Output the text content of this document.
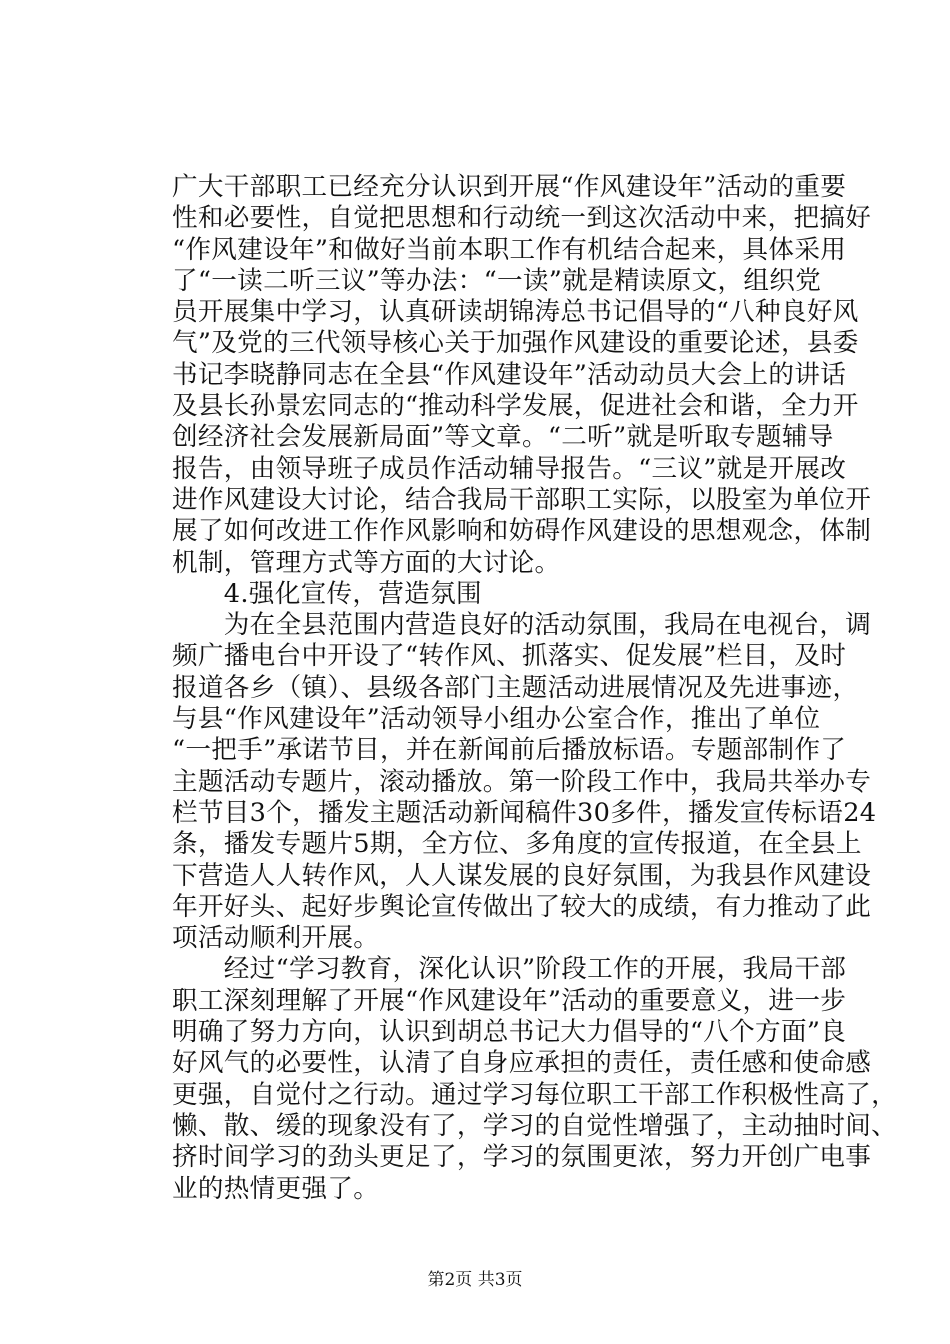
广大干部职工已经充分认识到开展“作风建设年”活动的重要
性和必要性，自觉把思想和行动统一到这次活动中来，把搞好
“作风建设年”和做好当前本职工作有机结合起来，具体采用
了“一读二听三议”等办法：“一读”就是精读原文，组织党
员开展集中学习，认真研读胡锦涛总书记倡导的“八种良好风
气”及党的三代领导核心关于加强作风建设的重要论述，县委
书记李晓静同志在全县“作风建设年”活动动员大会上的讲话
及县长孙景宏同志的“推动科学发展，促进社会和谐，全力开
创经济社会发展新局面”等文章。“二听”就是听取专题辅导
报告，由领导班子成员作活动辅导报告。“三议”就是开展改
进作风建设大讨论，结合我局干部职工实际，以股室为单位开
展了如何改进工作作风影响和妨碍作风建设的思想观念，体制
机制，管理方式等方面的大讨论。
　　4.强化宣传，营造氛围
　　为在全县范围内营造良好的活动氛围，我局在电视台，调
频广播电台中开设了“转作风、抓落实、促发展”栏目，及时
报道各乡（镇）、县级各部门主题活动进展情况及先进事迹，
与县“作风建设年”活动领导小组办公室合作，推出了单位
“一把手”承诺节目，并在新闻前后播放标语。专题部制作了
主题活动专题片，滚动播放。第一阶段工作中，我局共举办专
栏节目3个，播发主题活动新闻稿件30多件，播发宣传标语24
条，播发专题片5期，全方位、多角度的宣传报道，在全县上
下营造人人转作风，人人谋发展的良好氛围，为我县作风建设
年开好头、起好步舆论宣传做出了较大的成绩，有力推动了此
项活动顺利开展。
　　经过“学习教育，深化认识”阶段工作的开展，我局干部
职工深刻理解了开展“作风建设年”活动的重要意义，进一步
明确了努力方向，认识到胡总书记大力倡导的“八个方面”良
好风气的必要性，认清了自身应承担的责任，责任感和使命感
更强，自觉付之行动。通过学习每位职工干部工作积极性高了，
懒、散、缓的现象没有了，学习的自觉性增强了，主动抽时间、
挤时间学习的劲头更足了，学习的氛围更浓，努力开创广电事
业的热情更强了。
第2页 共3页
